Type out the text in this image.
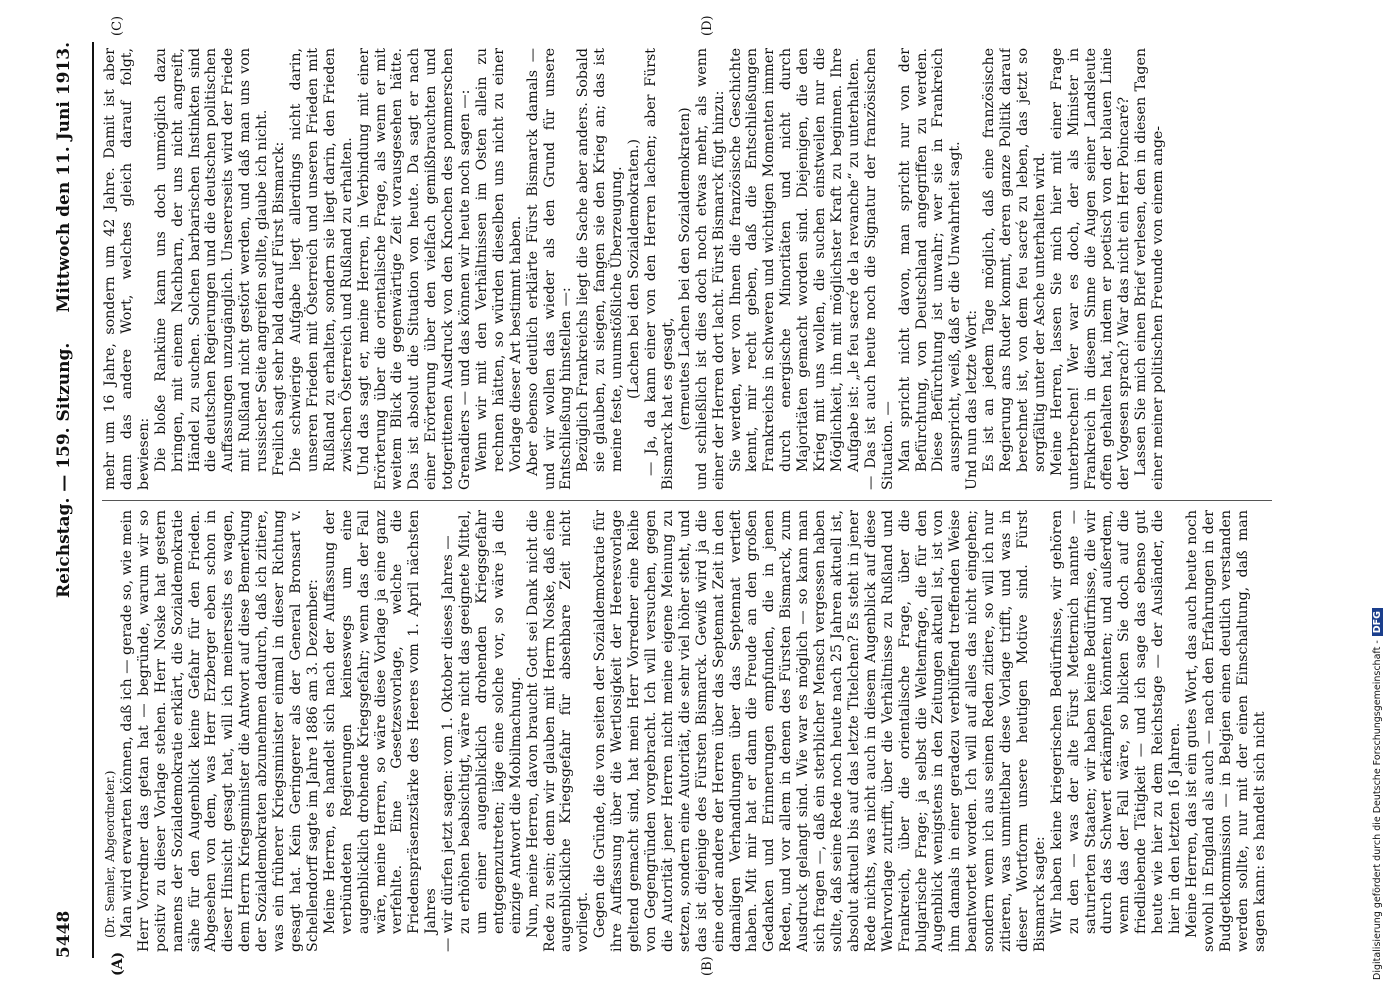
5448
Reichstag. — 159. Sitzung.
Mittwoch den 11. Juni 1913.
(A)	(B)
(C)	(D)

(Dr. Semler, Abgeordneter.) Man wird erwarten können, daß ich — gerade so, wie mein Herr Vorredner das getan hat — begründe, warum wir so positiv zu dieser Vorlage stehen. Herr Noske hat gestern namens der Sozialdemokratie erklärt, die Sozialdemokratie sähe für den Augenblick keine Gefahr für den Frieden. Abgesehen von dem, was Herr Erzberger eben schon in dieser Hinsicht gesagt hat, will ich meinerseits es wagen, dem Herrn Kriegsminister die Antwort auf diese Bemerkung der Sozialdemokraten abzunehmen dadurch, daß ich zitiere, was ein früherer Kriegsminister einmal in dieser Richtung gesagt hat. Kein Geringerer als der General Bronsart v. Schellendorff sagte im Jahre 1886 am 3. Dezember: Meine Herren, es handelt sich nach der Auffassung der verbündeten Regierungen keineswegs um eine augenblicklich drohende Kriegsgefahr; wenn das der Fall wäre, meine Herren, so wäre diese Vorlage ja eine ganz verfehlte. Eine Gesetzesvorlage, welche die Friedenspräsenzstärke des Heeres vom 1. April nächsten Jahres — wir dürfen jetzt sagen: vom 1. Oktober dieses Jahres — zu erhöhen beabsichtigt, wäre nicht das geeignete Mittel, um einer augenblicklich drohenden Kriegsgefahr entgegenzutreten; läge eine solche vor, so wäre ja die einzige Antwort die Mobilmachung. Nun, meine Herren, davon braucht Gott sei Dank nicht die Rede zu sein; denn wir glauben mit Herrn Noske, daß eine augenblickliche Kriegsgefahr für absehbare Zeit nicht vorliegt. Gegen die Gründe, die von seiten der Sozialdemokratie für ihre Auffassung über die Wertlosigkeit der Heeresvorlage geltend gemacht sind, hat mein Herr Vorredner eine Reihe von Gegengründen vorgebracht. Ich will versuchen, gegen die Autorität jener Herren nicht meine eigene Meinung zu setzen, sondern eine Autorität, die sehr viel höher steht, und das ist diejenige des Fürsten Bismarck. Gewiß wird ja die eine oder andere der Herren über das Septennat Zeit in den damaligen Verhandlungen über das Septennat vertieft haben. Mit mir hat er dann die Freude an den großen Gedanken und Erinnerungen empfunden, die in jenen Reden, und vor allem in denen des Fürsten Bismarck, zum Ausdruck gelangt sind. Wie war es möglich — so kann man sich fragen —, daß ein sterblicher Mensch vergessen haben sollte, daß seine Rede noch heute nach 25 Jahren aktuell ist, absolut aktuell bis auf das letzte Titelchen? Es steht in jener Rede nichts, was nicht auch in diesem Augenblick auf diese Wehrvorlage zutrifft, über die Verhältnisse zu Rußland und Frankreich, über die orientalische Frage, über die bulgarische Frage; ja selbst die Weltenfrage, die für den Augenblick wenigstens in den Zeitungen aktuell ist, ist von ihm damals in einer geradezu verblüffend treffenden Weise beantwortet worden. Ich will auf alles das nicht eingehen; sondern wenn ich aus seinen Reden zitiere, so will ich nur zitieren, was unmittelbar diese Vorlage trifft, und was in dieser Wortform unsere heutigen Motive sind. Fürst Bismarck sagte: Wir haben keine kriegerischen Bedürfnisse, wir gehören zu den — was der alte Fürst Metternich nannte — saturierten Staaten; wir haben keine Bedürfnisse, die wir durch das Schwert erkämpfen könnten; und außerdem, wenn das der Fall wäre, so blicken Sie doch auf die friedliebende Tätigkeit — und ich sage das ebenso gut heute wie hier zu dem Reichstage — der Ausländer, die hier in den letzten 16 Jahren. Meine Herren, das ist ein gutes Wort, das auch heute noch sowohl in England als auch — nach den Erfahrungen in der Budgetkommission — in Belgien einen deutlich verstanden werden sollte, nur mit der einen Einschaltung, daß man sagen kann: es handelt sich nicht

mehr um 16 Jahre, sondern um 42 Jahre. Damit ist aber dann das andere Wort, welches gleich darauf folgt, bewiesen: Die bloße Ranküne kann uns doch unmöglich dazu bringen, mit einem Nachbarn, der uns nicht angreift, Händel zu suchen. Solchen barbarischen Instinkten sind die deutschen Regierungen und die deutschen politischen Auffassungen unzugänglich. Unsererseits wird der Friede mit Rußland nicht gestört werden, und daß man uns von russischer Seite angreifen sollte, glaube ich nicht. Freilich sagt sehr bald darauf Fürst Bismarck: Die schwierige Aufgabe liegt allerdings nicht darin, unseren Frieden mit Österreich und unseren Frieden mit Rußland zu erhalten, sondern sie liegt darin, den Frieden zwischen Österreich und Rußland zu erhalten. Und das sagt er, meine Herren, in Verbindung mit einer Erörterung über die orientalische Frage, als wenn er mit weitem Blick die gegenwärtige Zeit vorausgesehen hätte. Das ist absolut die Situation von heute. Da sagt er nach einer Erörterung über den vielfach gemißbrauchten und totgerittenen Ausdruck von den Knochen des pommerschen Grenadiers — und das können wir heute noch sagen —: Wenn wir mit den Verhältnissen im Osten allein zu rechnen hätten, so würden dieselben uns nicht zu einer Vorlage dieser Art bestimmt haben. Aber ebenso deutlich erklärte Fürst Bismarck damals — und wir wollen das wieder als den Grund für unsere Entschließung hinstellen —: Bezüglich Frankreichs liegt die Sache aber anders. Sobald sie glauben, zu siegen, fangen sie den Krieg an; das ist meine feste, unumstößliche Überzeugung. (Lachen bei den Sozialdemokraten.) — Ja, da kann einer von den Herren lachen; aber Fürst Bismarck hat es gesagt, (erneutes Lachen bei den Sozialdemokraten) und schließlich ist dies doch noch etwas mehr, als wenn einer der Herren dort lacht. Fürst Bismarck fügt hinzu: Sie werden, wer von Ihnen die französische Geschichte kennt, mir recht geben, daß die Entschließungen Frankreichs in schweren und wichtigen Momenten immer durch energische Minoritäten und nicht durch Majoritäten gemacht worden sind. Diejenigen, die den Krieg mit uns wollen, die suchen einstweilen nur die Möglichkeit, ihn mit möglichster Kraft zu beginnen. Ihre Aufgabe ist: „le feu sacré de la revanche“ zu unterhalten. — Das ist auch heute noch die Signatur der französischen Situation. — Man spricht nicht davon, man spricht nur von der Befürchtung, von Deutschland angegriffen zu werden. Diese Befürchtung ist unwahr; wer sie in Frankreich ausspricht, weiß, daß er die Unwahrheit sagt. Und nun das letzte Wort: Es ist an jedem Tage möglich, daß eine französische Regierung ans Ruder kommt, deren ganze Politik darauf berechnet ist, von dem feu sacré zu leben, das jetzt so sorgfältig unter der Asche unterhalten wird. Meine Herren, lassen Sie mich hier mit einer Frage unterbrechen! Wer war es doch, der als Minister in Frankreich in diesem Sinne die Augen seiner Landsleute offen gehalten hat, indem er poetisch von der blauen Linie der Vogesen sprach? War das nicht ein Herr Poincaré? Lassen Sie mich einen Brief verlesen, den in diesen Tagen einer meiner politischen Freunde von einem ange-

Digitalisierung gefördert durch die Deutsche Forschungsgemeinschaft -DFG
